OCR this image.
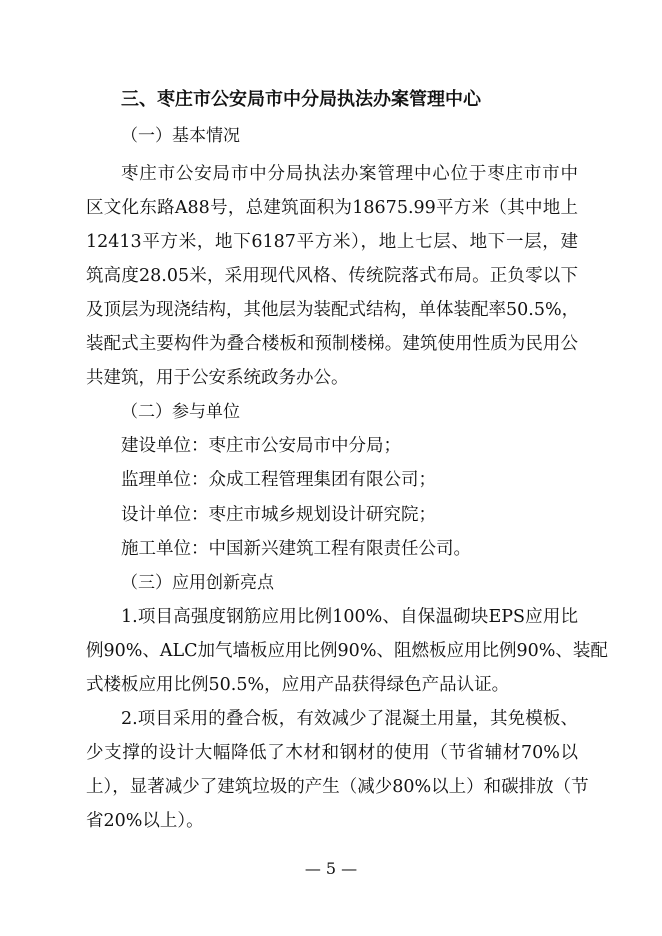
三、枣庄市公安局市中分局执法办案管理中心
（一）基本情况
枣庄市公安局市中分局执法办案管理中心位于枣庄市市中
区文化东路A88号，总建筑面积为18675.99平方米（其中地上
12413平方米，地下6187平方米），地上七层、地下一层，建
筑高度28.05米，采用现代风格、传统院落式布局。正负零以下
及顶层为现浇结构，其他层为装配式结构，单体装配率50.5%，
装配式主要构件为叠合楼板和预制楼梯。建筑使用性质为民用公
共建筑，用于公安系统政务办公。
（二）参与单位
建设单位：枣庄市公安局市中分局；
监理单位：众成工程管理集团有限公司；
设计单位：枣庄市城乡规划设计研究院；
施工单位：中国新兴建筑工程有限责任公司。
（三）应用创新亮点
1.项目高强度钢筋应用比例100%、自保温砌块EPS应用比
例90%、ALC加气墙板应用比例90%、阻燃板应用比例90%、装配
式楼板应用比例50.5%，应用产品获得绿色产品认证。
2.项目采用的叠合板，有效减少了混凝土用量，其免模板、
少支撑的设计大幅降低了木材和钢材的使用（节省辅材70%以
上），显著减少了建筑垃圾的产生（减少80%以上）和碳排放（节
省20%以上）。
— 5 —
